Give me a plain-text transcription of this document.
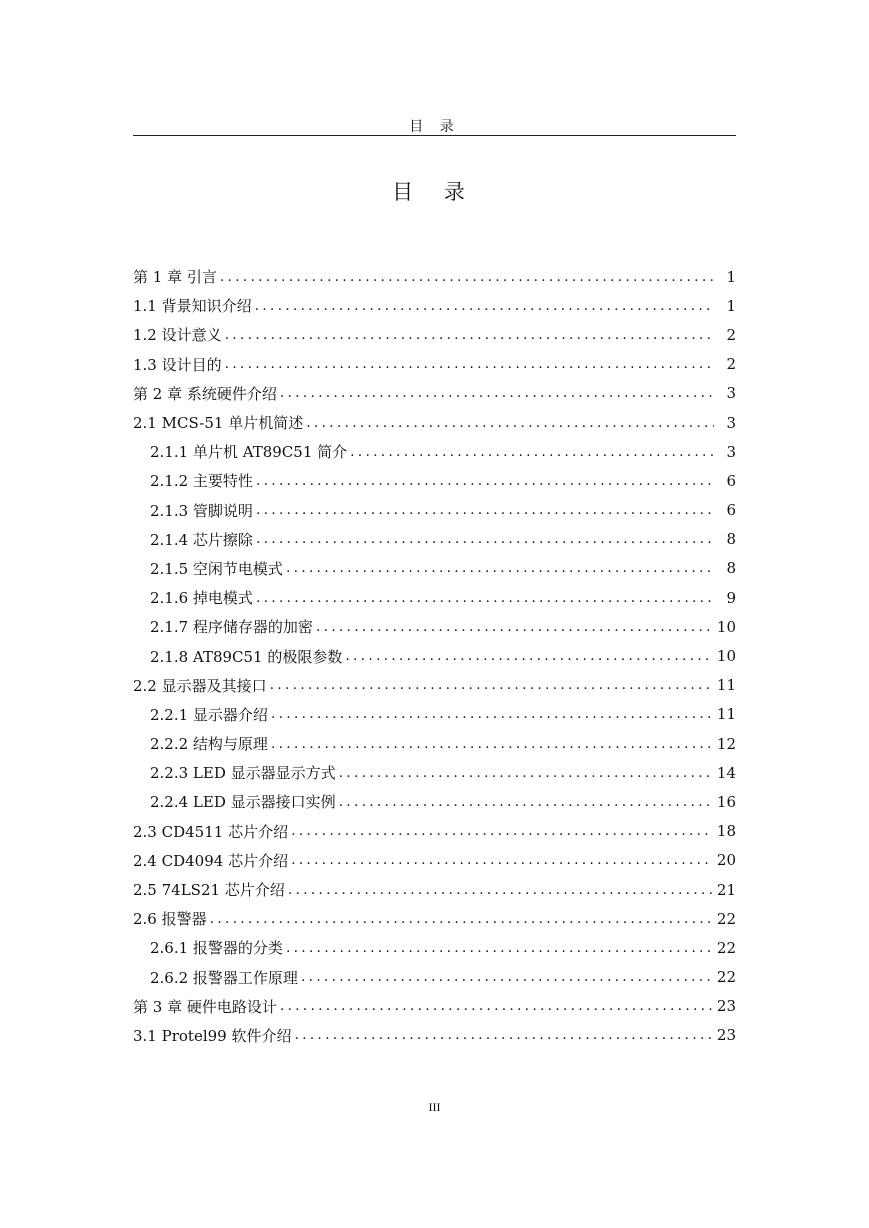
目 录
目 录
第 1 章 引言 .....	1
1.1 背景知识介绍 .....	1
1.2 设计意义 .....	2
1.3 设计目的 .....	2
第 2 章 系统硬件介绍 .....	3
2.1 MCS-51 单片机简述 .....	3
2.1.1 单片机 AT89C51 简介 .....	3
2.1.2 主要特性 .....	6
2.1.3 管脚说明 .....	6
2.1.4 芯片擦除 .....	8
2.1.5 空闲节电模式 .....	8
2.1.6 掉电模式 .....	9
2.1.7 程序储存器的加密 .....	10
2.1.8 AT89C51 的极限参数 .....	10
2.2 显示器及其接口 .....	11
2.2.1 显示器介绍 .....	11
2.2.2 结构与原理 .....	12
2.2.3 LED 显示器显示方式 .....	14
2.2.4 LED 显示器接口实例 .....	16
2.3 CD4511 芯片介绍 .....	18
2.4 CD4094 芯片介绍 .....	20
2.5 74LS21 芯片介绍 .....	21
2.6 报警器 .....	22
2.6.1 报警器的分类 .....	22
2.6.2 报警器工作原理 .....	22
第 3 章 硬件电路设计 .....	23
3.1 Protel99 软件介绍 .....	23
III
